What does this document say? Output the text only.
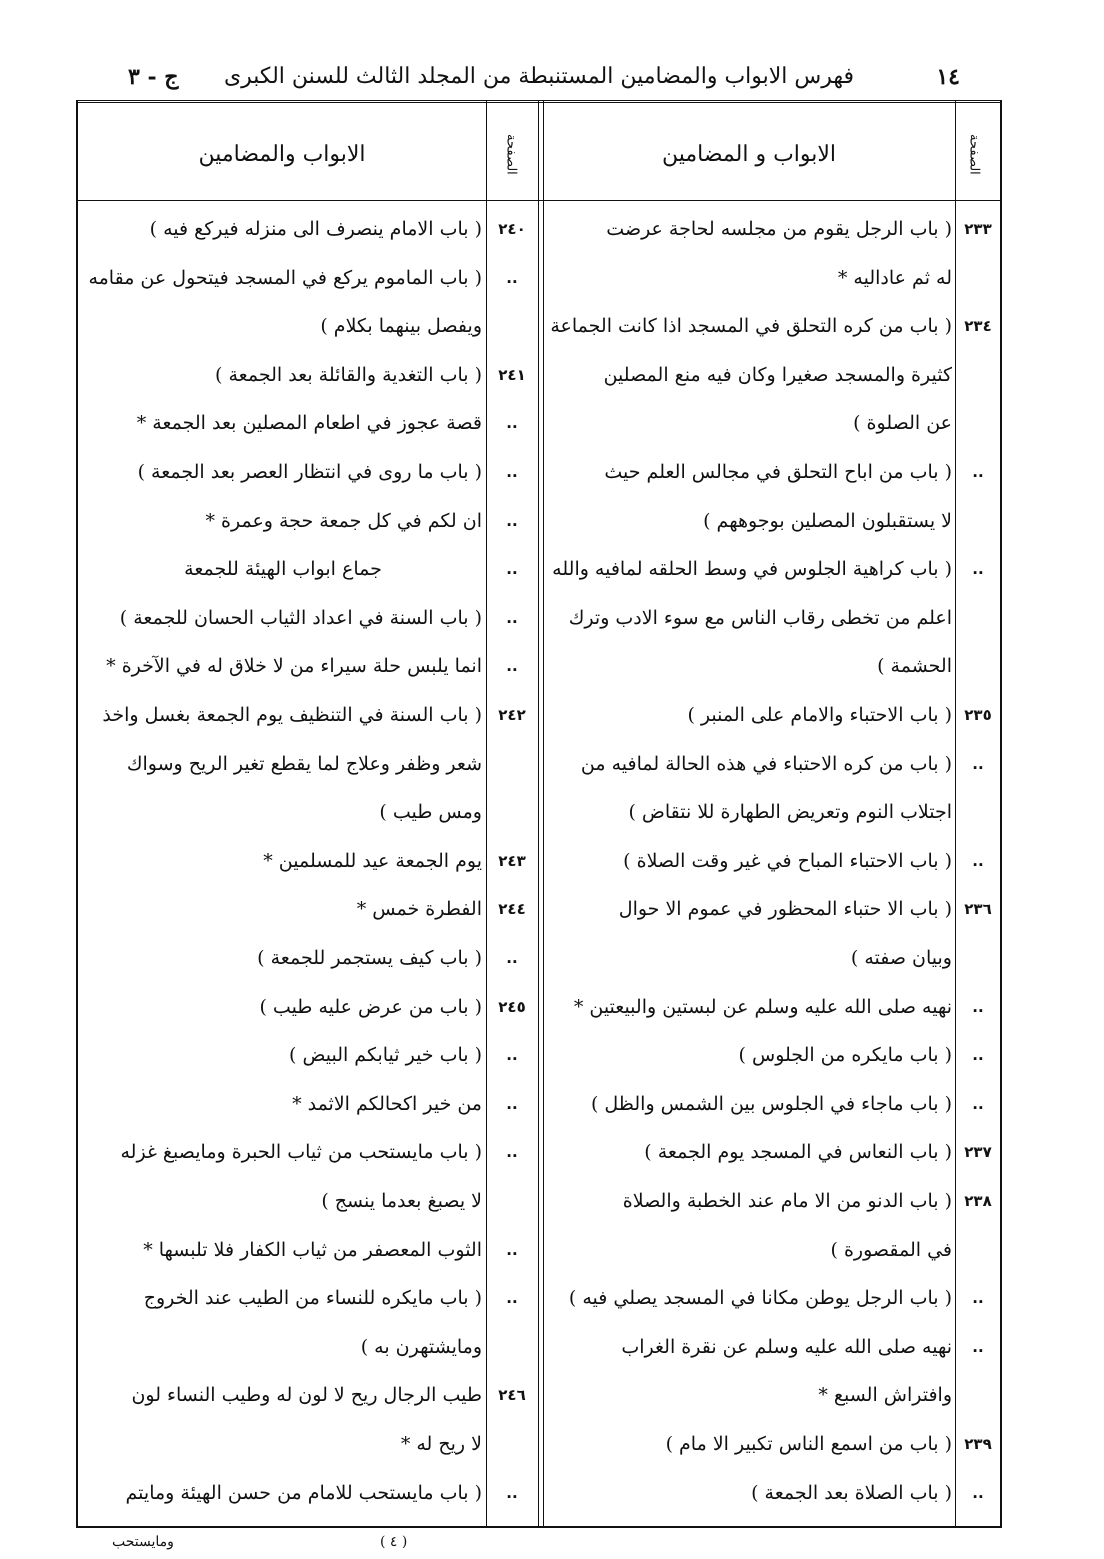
١٤
فهرس الابواب والمضامين المستنبطة من المجلد الثالث للسنن الكبرى
ج - ٣
الصفحة
الابواب و المضامين
الصفحة
الابواب والمضامين
٢٣٣
( باب الرجل يقوم من مجلسه لحاجة عرضت
له ثم عاداليه *
٢٣٤
( باب من كره التحلق في المسجد اذا كانت الجماعة
كثيرة والمسجد صغيرا وكان فيه منع المصلين
عن الصلوة )
..
( باب من اباح التحلق في مجالس العلم حيث
لا يستقبلون المصلين بوجوههم )
..
( باب كراهية الجلوس في وسط الحلقه لمافيه والله
اعلم من تخطى رقاب الناس مع سوء الادب وترك
الحشمة )
٢٣٥
( باب الاحتباء والامام على المنبر )
..
( باب من كره الاحتباء في هذه الحالة لمافيه من
اجتلاب النوم وتعريض الطهارة للا نتقاض )
..
( باب الاحتباء المباح في غير وقت الصلاة )
٢٣٦
( باب الا حتباء المحظور في عموم الا حوال
وبيان صفته )
..
نهيه صلى الله عليه وسلم عن لبستين والبيعتين *
..
( باب مايكره من الجلوس )
..
( باب ماجاء في الجلوس بين الشمس والظل )
٢٣٧
( باب النعاس في المسجد يوم الجمعة )
٢٣٨
( باب الدنو من الا مام عند الخطبة والصلاة
في المقصورة )
..
( باب الرجل يوطن مكانا في المسجد يصلي فيه )
..
نهيه صلى الله عليه وسلم عن نقرة الغراب
وافتراش السبع *
٢٣٩
( باب من اسمع الناس تكبير الا مام )
..
( باب الصلاة بعد الجمعة )
٢٤٠
( باب الامام ينصرف الى منزله فيركع فيه )
..
( باب الماموم يركع في المسجد فيتحول عن مقامه
ويفصل بينهما بكلام )
٢٤١
( باب التغدية والقائلة بعد الجمعة )
..
قصة عجوز في اطعام المصلين بعد الجمعة *
..
( باب ما روى في انتظار العصر بعد الجمعة )
..
ان لكم في كل جمعة حجة وعمرة *
..
جماع ابواب الهيئة للجمعة
..
( باب السنة في اعداد الثياب الحسان للجمعة )
..
انما يلبس حلة سيراء من لا خلاق له في الآخرة *
٢٤٢
( باب السنة في التنظيف يوم الجمعة بغسل واخذ
شعر وظفر وعلاج لما يقطع تغير الريح وسواك
ومس طيب )
٢٤٣
يوم الجمعة عيد للمسلمين *
٢٤٤
الفطرة خمس *
..
( باب كيف يستجمر للجمعة )
٢٤٥
( باب من عرض عليه طيب )
..
( باب خير ثيابكم البيض )
..
من خير اكحالكم الاثمد *
..
( باب مايستحب من ثياب الحبرة ومايصبغ غزله
لا يصبغ بعدما ينسج )
..
الثوب المعصفر من ثياب الكفار فلا تلبسها *
..
( باب مايكره للنساء من الطيب عند الخروج
ومايشتهرن به )
٢٤٦
طيب الرجال ريح لا لون له وطيب النساء لون
لا ريح له *
..
( باب مايستحب للامام من حسن الهيئة ومايتم
ومايستحب	( ٤ )
